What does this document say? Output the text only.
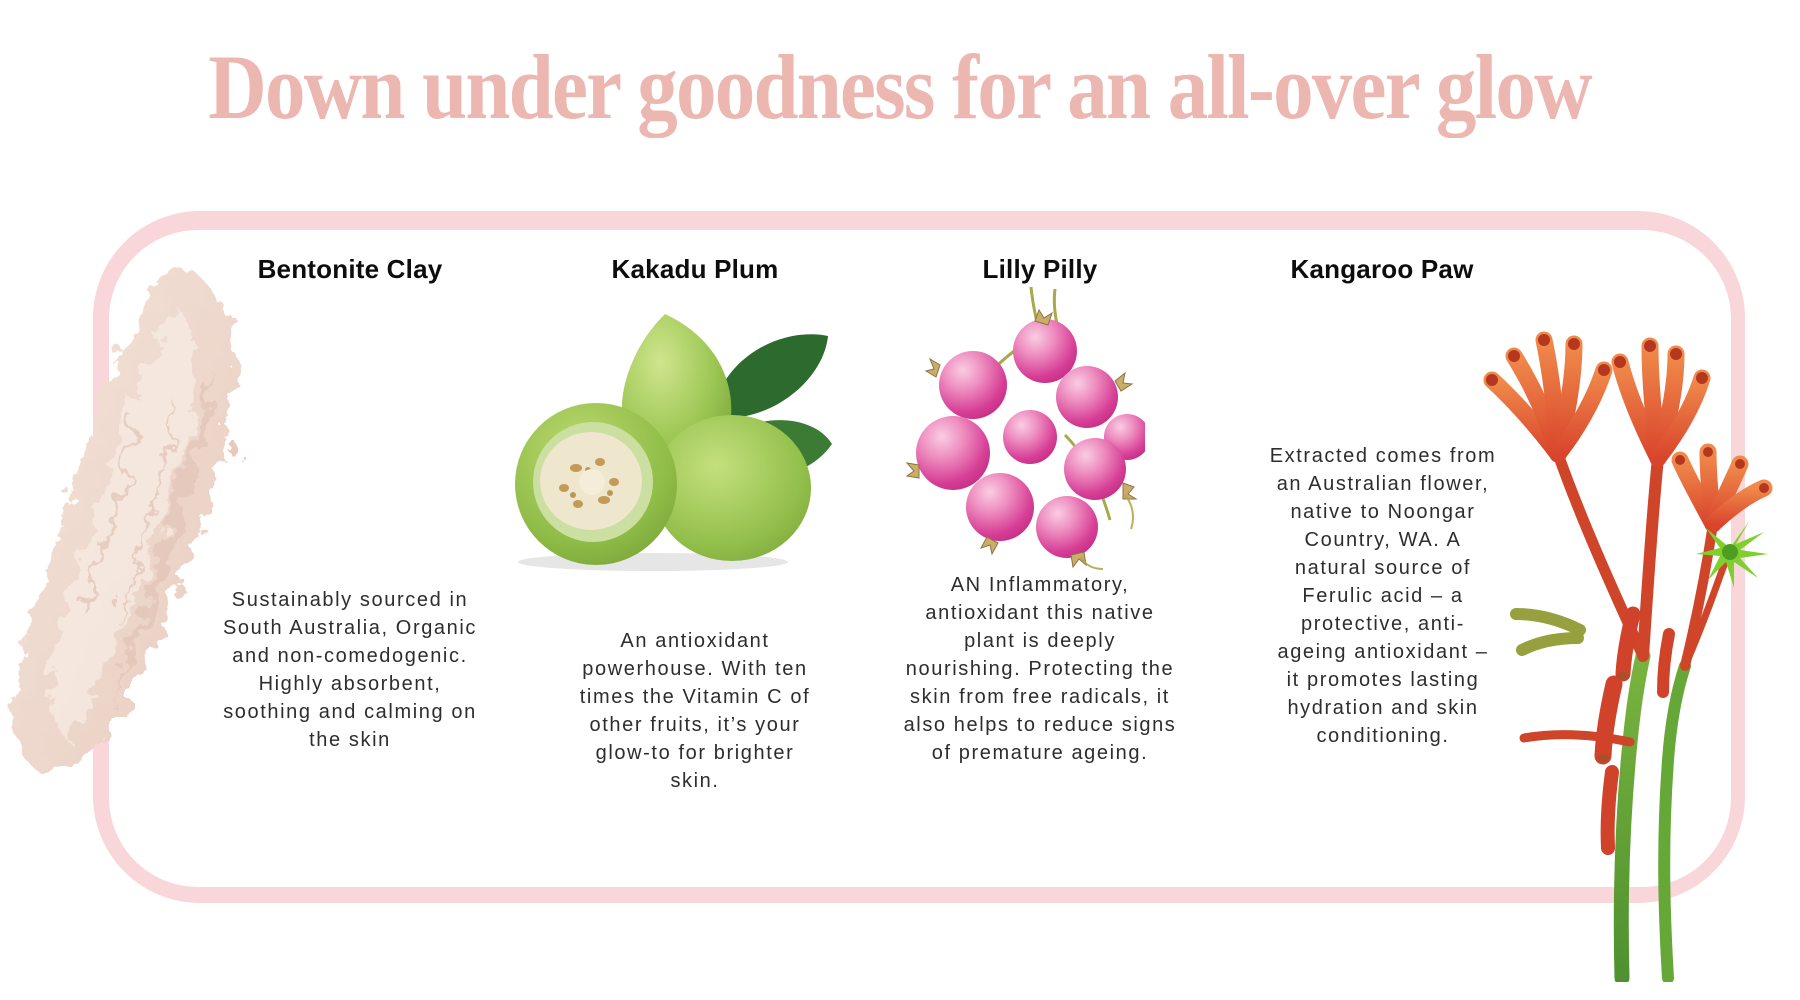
Down under goodness for an all-over glow
Bentonite Clay	Kakadu Plum	Lilly Pilly	Kangaroo Paw

Sustainably sourced in South Australia, Organic and non-comedogenic. Highly absorbent, soothing and calming on the skin

An antioxidant powerhouse. With ten times the Vitamin C of other fruits, it’s your glow-to for brighter skin.

AN Inflammatory, antioxidant this native plant is deeply nourishing. Protecting the skin from free radicals, it also helps to reduce signs of premature ageing.

Extracted comes from an Australian flower, native to Noongar Country, WA. A natural source of Ferulic acid – a protective, anti-ageing antioxidant – it promotes lasting hydration and skin conditioning.
